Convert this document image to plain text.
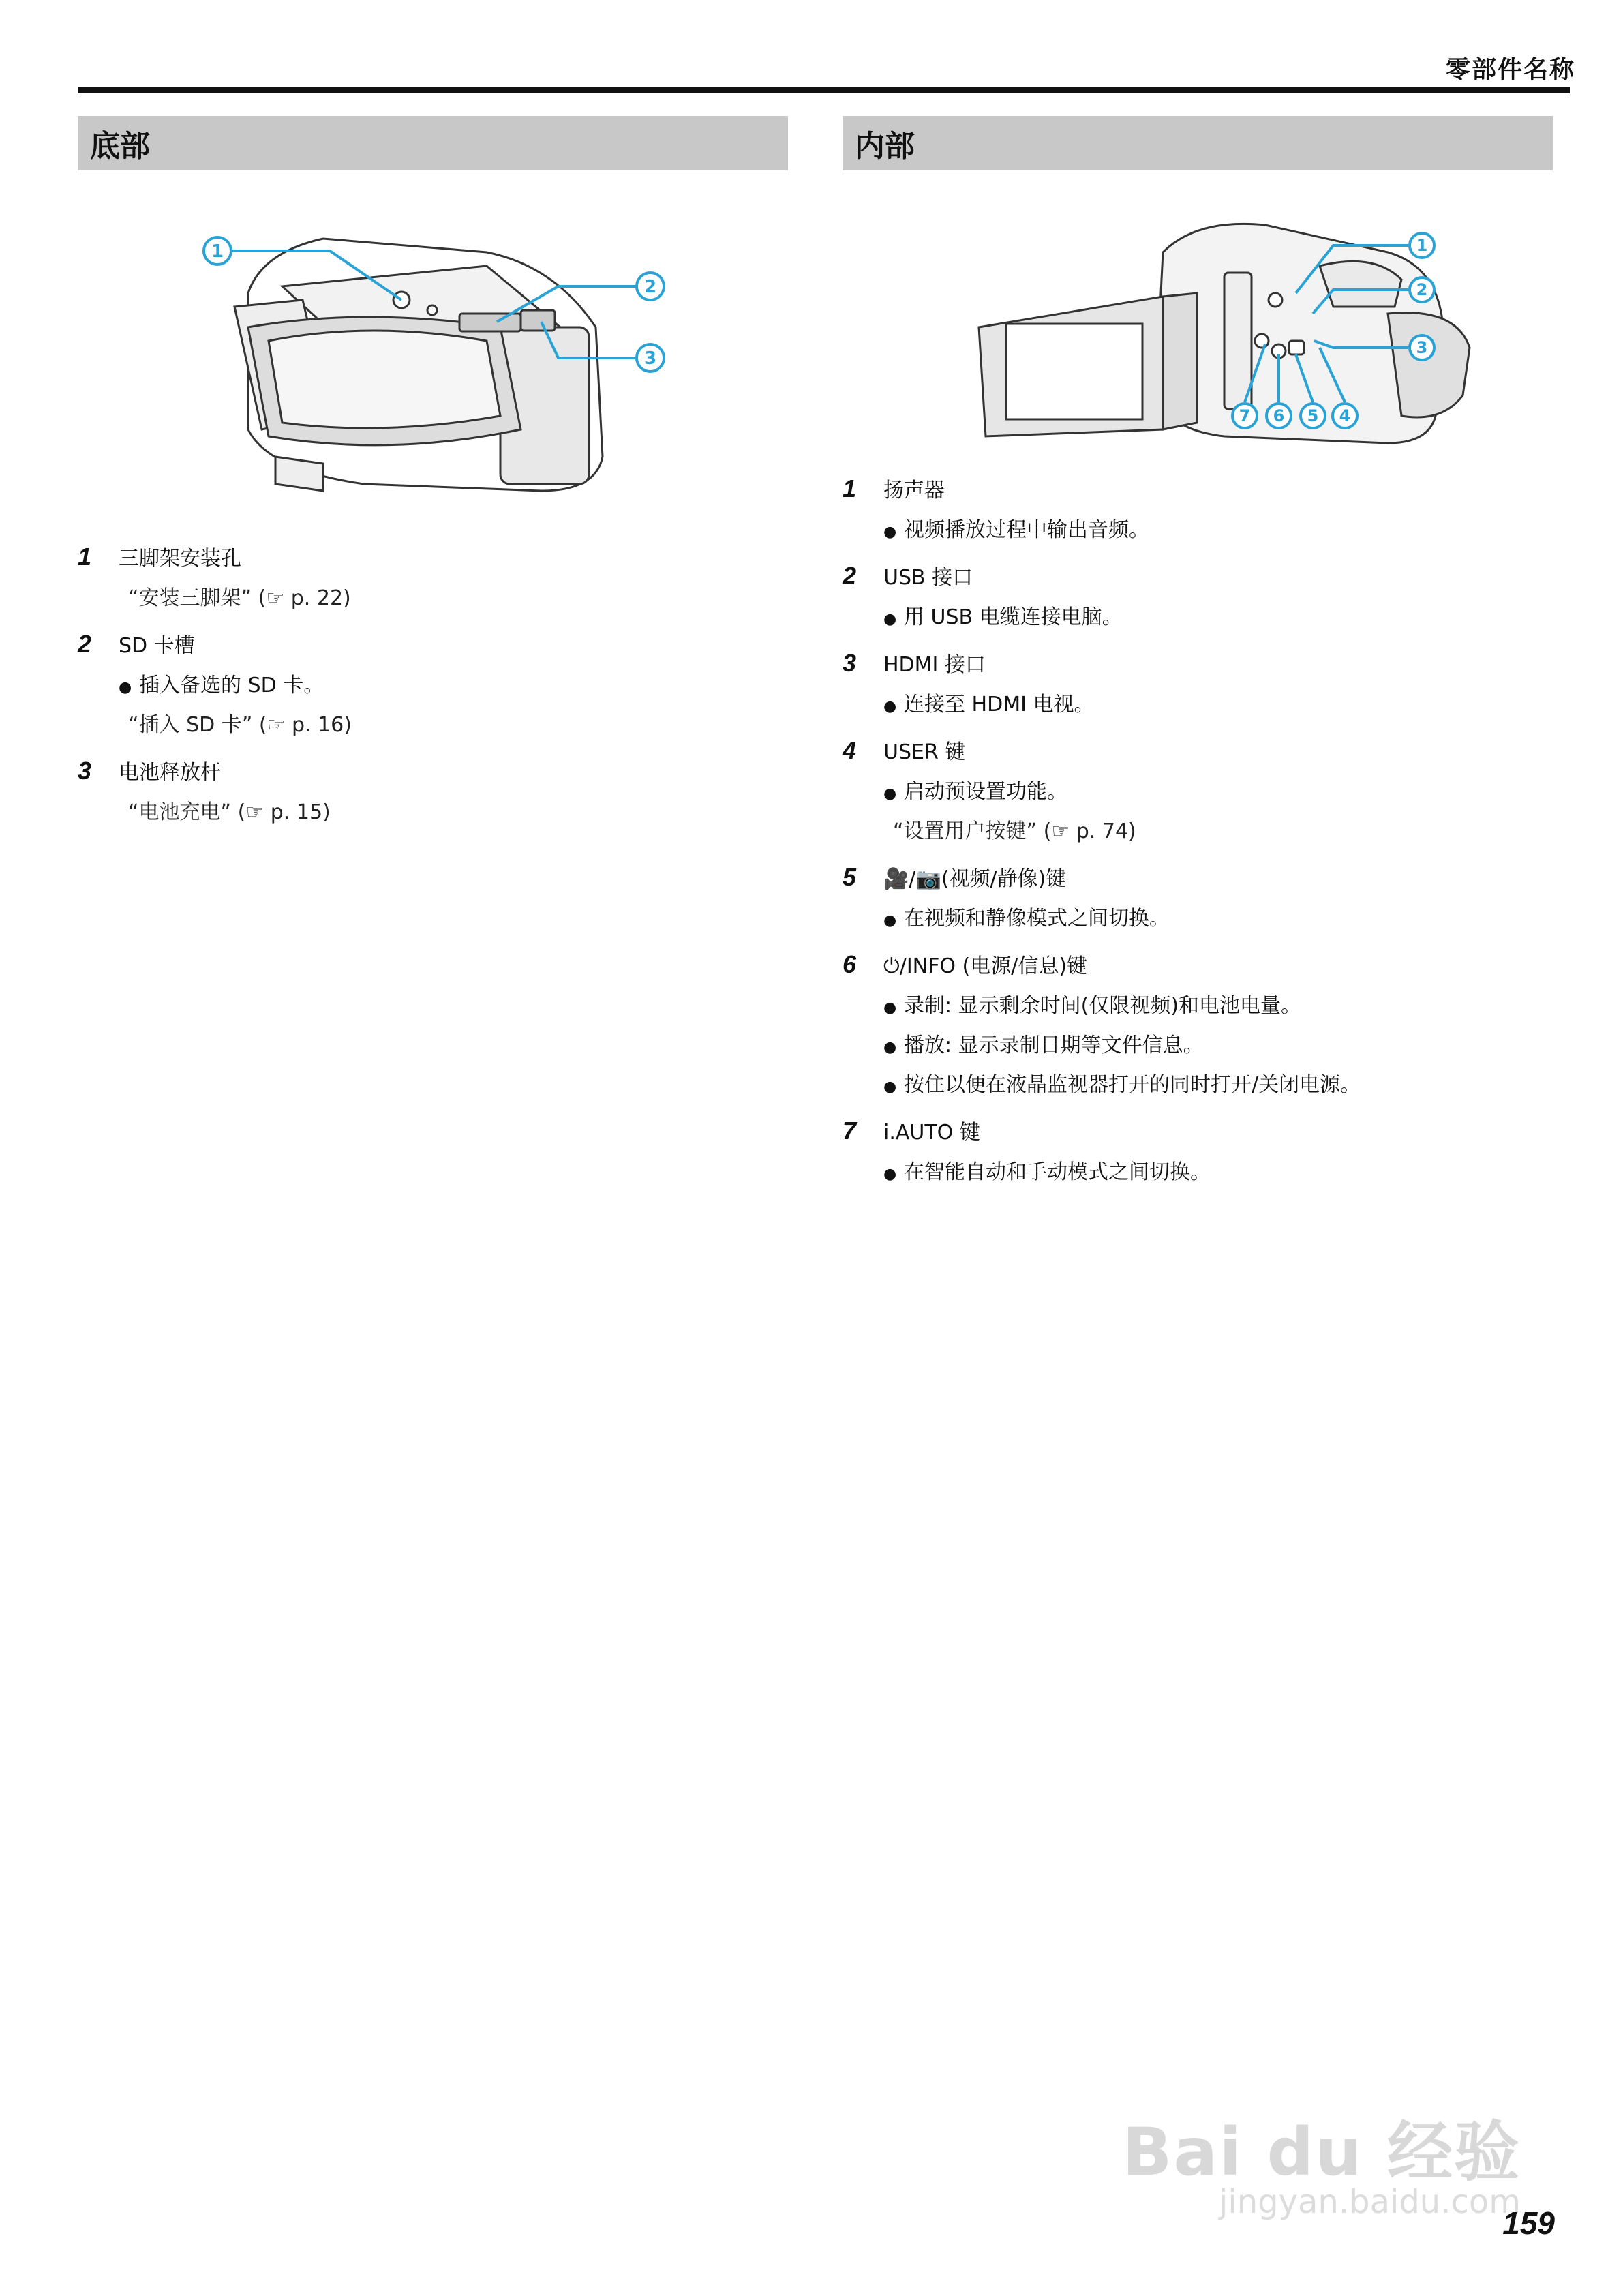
零部件名称
底部
1
2
3
1	三脚架安装孔
“安装三脚架” (☞ p. 22)
2	SD 卡槽
● 插入备选的 SD 卡。
“插入 SD 卡” (☞ p. 16)
3	电池释放杆
“电池充电” (☞ p. 15)
内部
1
2
3
7 6 5 4
1	扬声器
● 视频播放过程中输出音频。
2	USB 接口
● 用 USB 电缆连接电脑。
3	HDMI 接口
● 连接至 HDMI 电视。
4	USER 键
● 启动预设置功能。
“设置用户按键” (☞ p. 74)
5	🎥/📷(视频/静像)键
● 在视频和静像模式之间切换。
6	⏻/INFO (电源/信息)键
● 录制: 显示剩余时间(仅限视频)和电池电量。
● 播放: 显示录制日期等文件信息。
● 按住以便在液晶监视器打开的同时打开/关闭电源。
7	i.AUTO 键
● 在智能自动和手动模式之间切换。
Bai du 经验
jingyan.baidu.com
159
